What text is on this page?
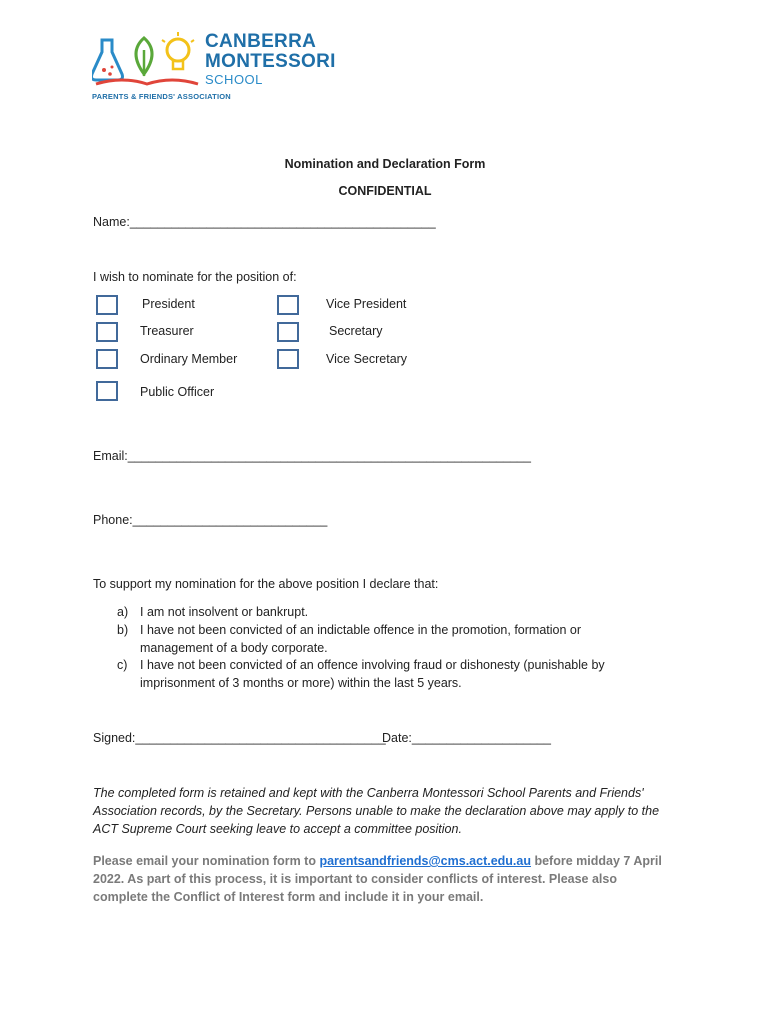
CANBERRA
MONTESSORI
SCHOOL
PARENTS & FRIENDS' ASSOCIATION
Nomination and Declaration Form
CONFIDENTIAL
Name:____________________________________________
I wish to nominate for the position of:
President	Vice President
Treasurer	Secretary
Ordinary Member	Vice Secretary
Public Officer
Email:__________________________________________________________
Phone:____________________________
To support my nomination for the above position I declare that:
a) I am not insolvent or bankrupt.
b) I have not been convicted of an indictable offence in the promotion, formation or
management of a body corporate.
c) I have not been convicted of an offence involving fraud or dishonesty (punishable by
imprisonment of 3 months or more) within the last 5 years.
Signed:____________________________________
Date:____________________
The completed form is retained and kept with the Canberra Montessori School Parents and Friends' Association records, by the Secretary. Persons unable to make the declaration above may apply to the ACT Supreme Court seeking leave to accept a committee position.
Please email your nomination form to parentsandfriends@cms.act.edu.au before midday 7 April 2022. As part of this process, it is important to consider conflicts of interest. Please also complete the Conflict of Interest form and include it in your email.
